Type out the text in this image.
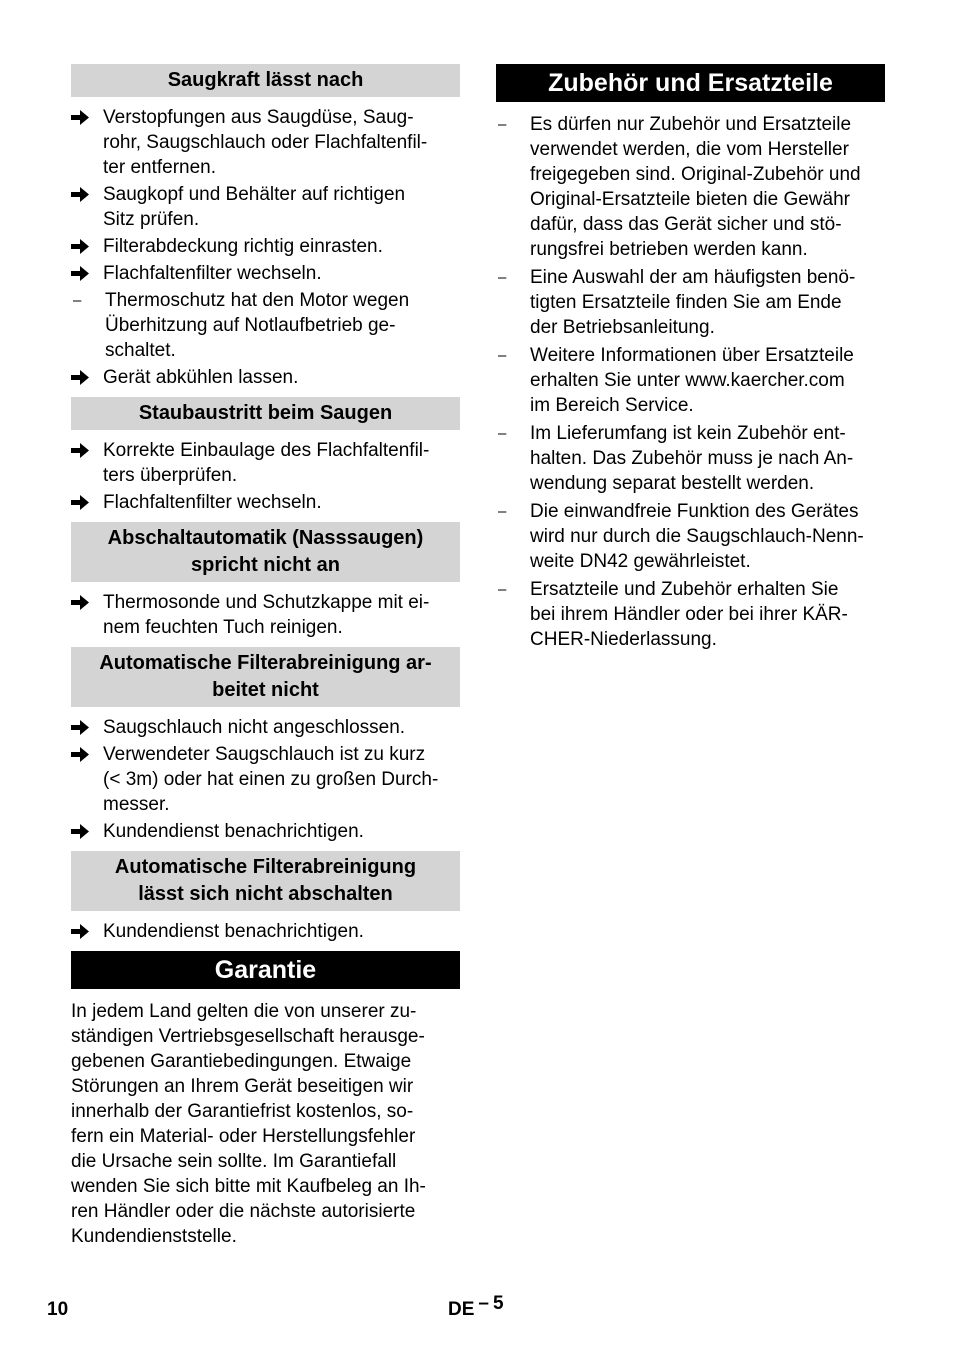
Saugkraft lässt nach
Verstopfungen aus Saugdüse, Saug-
rohr, Saugschlauch oder Flachfaltenfil-
ter entfernen.
Saugkopf und Behälter auf richtigen
Sitz prüfen.
Filterabdeckung richtig einrasten.
Flachfaltenfilter wechseln.
–	Thermoschutz hat den Motor wegen
Überhitzung auf Notlaufbetrieb ge-
schaltet.
Gerät abkühlen lassen.
Staubaustritt beim Saugen
Korrekte Einbaulage des Flachfaltenfil-
ters überprüfen.
Flachfaltenfilter wechseln.
Abschaltautomatik (Nasssaugen) spricht nicht an
Thermosonde und Schutzkappe mit ei-
nem feuchten Tuch reinigen.
Automatische Filterabreinigung ar-
beitet nicht
Saugschlauch nicht angeschlossen.
Verwendeter Saugschlauch ist zu kurz
(< 3m) oder hat einen zu großen Durch-
messer.
Kundendienst benachrichtigen.
Automatische Filterabreinigung
lässt sich nicht abschalten
Kundendienst benachrichtigen.
Garantie

In jedem Land gelten die von unserer zu-
ständigen Vertriebsgesellschaft herausge-
gebenen Garantiebedingungen. Etwaige
Störungen an Ihrem Gerät beseitigen wir
innerhalb der Garantiefrist kostenlos, so-
fern ein Material- oder Herstellungsfehler
die Ursache sein sollte. Im Garantiefall
wenden Sie sich bitte mit Kaufbeleg an Ih-
ren Händler oder die nächste autorisierte
Kundendienststelle.

Zubehör und Ersatzteile
–	Es dürfen nur Zubehör und Ersatzteile
verwendet werden, die vom Hersteller
freigegeben sind. Original-Zubehör und
Original-Ersatzteile bieten die Gewähr
dafür, dass das Gerät sicher und stö-
rungsfrei betrieben werden kann.
–	Eine Auswahl der am häufigsten benö-
tigten Ersatzteile finden Sie am Ende
der Betriebsanleitung.
–	Weitere Informationen über Ersatzteile
erhalten Sie unter www.kaercher.com
im Bereich Service.
–	Im Lieferumfang ist kein Zubehör ent-
halten. Das Zubehör muss je nach An-
wendung separat bestellt werden.
–	Die einwandfreie Funktion des Gerätes
wird nur durch die Saugschlauch-Nenn-
weite DN42 gewährleistet.
–	Ersatzteile und Zubehör erhalten Sie
bei ihrem Händler oder bei ihrer KÄR-
CHER-Niederlassung.
10	DE – 5
